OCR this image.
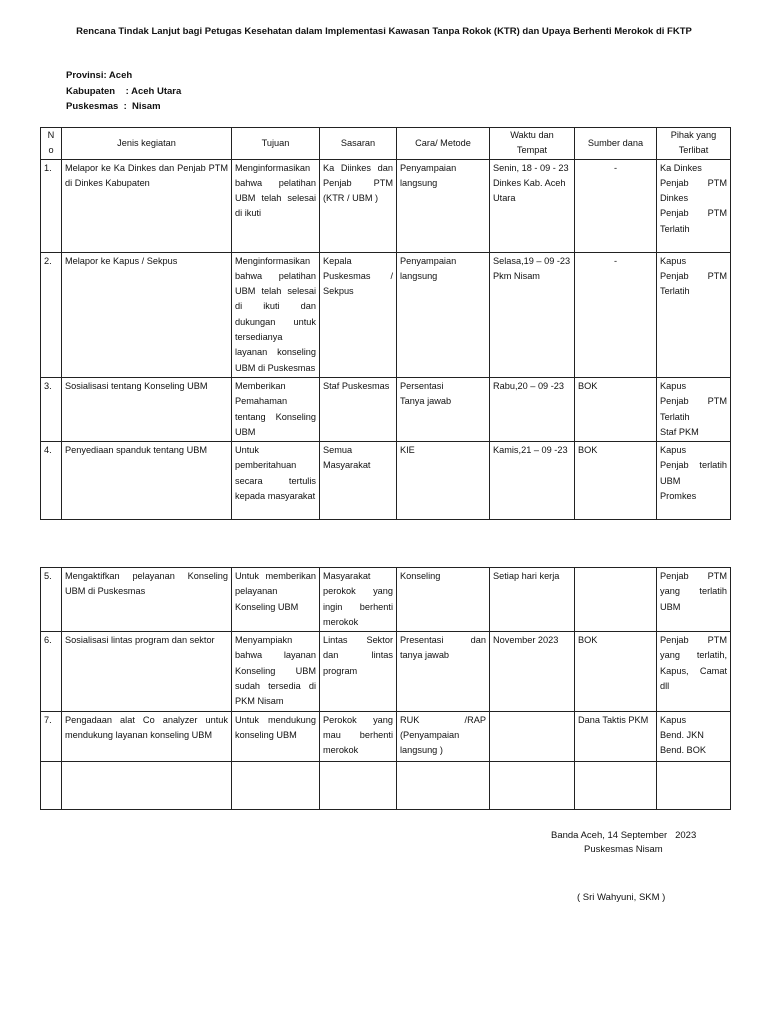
Rencana Tindak Lanjut bagi Petugas Kesehatan dalam Implementasi Kawasan Tanpa Rokok (KTR) dan Upaya Berhenti Merokok di FKTP
Provinsi: Aceh
Kabupaten    : Aceh Utara
Puskesmas  :  Nisam
N
o	Jenis kegiatan	Tujuan	Sasaran	Cara/ Metode	Waktu dan
Tempat	Sumber dana	Pihak yang
Terlibat
1.	Melapor ke Ka Dinkes dan Penjab PTM di Dinkes Kabupaten	Menginformasikan bahwa pelatihan UBM telah selesai di ikuti	Ka Diinkes dan Penjab PTM (KTR / UBM )	Penyampaian langsung	Senin, 18 - 09 - 23 Dinkes Kab. Aceh Utara	-	Ka Dinkes
Penjab PTM Dinkes
Penjab PTM Terlatih
2.	Melapor ke Kapus / Sekpus	Menginformasikan bahwa pelatihan UBM telah selesai di ikuti dan dukungan untuk tersedianya layanan konseling UBM di Puskesmas	Kepala Puskesmas / Sekpus	Penyampaian langsung	Selasa,19 – 09 -23 Pkm Nisam	-	Kapus
Penjab PTM Terlatih
3.	Sosialisasi tentang Konseling UBM	Memberikan Pemahaman tentang Konseling UBM	Staf Puskesmas	Persentasi
Tanya jawab	Rabu,20 – 09 -23	BOK	Kapus
Penjab PTM Terlatih
Staf PKM
4.	Penyediaan spanduk tentang UBM	Untuk pemberitahuan secara tertulis kepada masyarakat	Semua Masyarakat	KIE	Kamis,21 – 09 -23	BOK	Kapus
Penjab terlatih UBM
Promkes
5.	Mengaktifkan pelayanan Konseling UBM di Puskesmas	Untuk memberikan pelayanan Konseling UBM	Masyarakat perokok yang ingin berhenti merokok	Konseling	Setiap hari kerja		Penjab PTM yang terlatih UBM
6.	Sosialisasi lintas program dan sektor	Menyampiakn bahwa layanan Konseling UBM sudah tersedia di PKM Nisam	Lintas Sektor dan lintas program	Presentasi dan tanya jawab	November 2023	BOK	Penjab PTM yang terlatih, Kapus, Camat dll
7.	Pengadaan alat Co analyzer untuk mendukung layanan konseling UBM	Untuk mendukung konseling UBM	Perokok yang mau berhenti merokok	RUK /RAP (Penyampaian langsung )		Dana Taktis PKM	Kapus
Bend. JKN
Bend. BOK

Banda Aceh, 14 September   2023
Puskesmas Nisam
( Sri Wahyuni, SKM )
